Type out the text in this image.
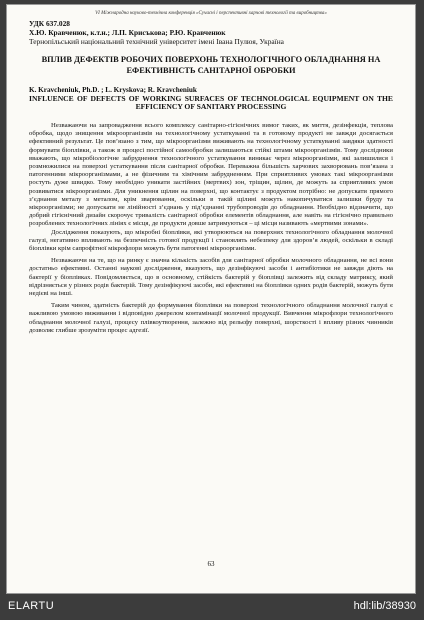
VI Міжнародна науково-технічна конференція «Сучасні і перспективні харчові технології та виробництва»
УДК 637.028
Х.Ю. Кравченюк, к.т.н.; Л.П. Крисъкова; Р.Ю. Кравченюк
Тернопільський національний технічний університет імені Івана Пулюя, Україна
ВПЛИВ ДЕФЕКТІВ РОБОЧИХ ПОВЕРХОНЬ ТЕХНОЛОГІЧНОГО ОБЛАДНАННЯ НА ЕФЕКТИВНІСТЬ САНІТАРНОЇ ОБРОБКИ
K. Kravcheniuk, Ph.D. ; L. Kryskova; R. Kravcheniuk
INFLUENCE OF DEFECTS OF WORKING SURFACES OF TECHNOLOGICAL EQUIPMENT ON THE EFFICIENCY OF SANITARY PROCESSING

Незважаючи на запровадження всього комплексу санітарно-гігієнічних вимог таких, як миття, дезінфекція, теплова обробка, щодо знищення мікроорганізмів на технологічному устаткуванні та в готовому продукті не завжди досягається ефективний результат. Це пов’язано з тим, що мікроорганізми виживають на технологічному устаткуванні завдяки здатності формувати біоплівки, а також в процесі постійної самообробки залишаються стійкі штами мікроорганізмів. Тому дослідники вважають, що мікробіологічне забруднення технологічного устаткування виникає через мікроорганізми, які залишилися і розмножилися на поверхні устаткування після санітарної обробки. Переважна більшість харчових захворювань пов’язана з патогенними мікроорганізмами, а не фізичним та хімічним забрудненням. При сприятливих умовах такі мікроорганізми ростуть дуже швидко. Тому необхідно уникати застійних (мертвих) зон, тріщин, щілин, де можуть за сприятливих умов розвиватися мікроорганізми. Для уникнення щілин на поверхні, що контактує з продуктом потрібно: не допускати прямого з’єднання металу з металом, крім зварювання, оскільки в такій щілині можуть накопичуватися залишки бруду та мікроорганізми; не допускати не лінійності з’єднань у під’єднанні трубопроводів до обладнання. Необхідно відзначити, що добрий гігієнічний дизайн скорочує тривалість санітарної обробки елементів обладнання, але навіть на гігієнічно правильно розроблених технологічних лініях є місця, де продукти довше затримуються – ці місця називають «мертвими зонами».

Дослідження показують, що мікробні біоплівки, які утворюються на поверхнях технологічного обладнання молочної галузі, негативно впливають на безпечність готової продукції і становлять небезпеку для здоров’я людей, оскільки в складі біоплівки крім сапрофітної мікрофлори можуть бути патогенні мікроорганізми.

Незважаючи на те, що на ринку є значна кількість засобів для санітарної обробки молочного обладнання, не всі вони достатньо ефективні. Останні наукові дослідження, вказують, що дезінфікуючі засоби і антибіотики не завжди діють на бактерії у біоплівках. Повідомляється, що в основному, стійкість бактерій у біоплівці залежить від складу матриксу, який відрізняється у різних родів бактерій. Тому дезінфікуючі засоби, які ефективні на біоплівки одних родів бактерій, можуть бути недієві на інші.

Таким чином, здатність бактерій до формування біоплівки на поверхні технологічного обладнання молочної галузі є важливою умовою виживання і відповідно джерелом контамінації молочної продукції. Вивчення мікрофлори технологічного обладнання молочної галузі, процесу плівкоутворення, залежно від рельєфу поверхні, шорсткості і впливу різних чинників дозволяє глибше зрозуміти процес адгезії.

63
ELARTU	hdl:lib/38930
